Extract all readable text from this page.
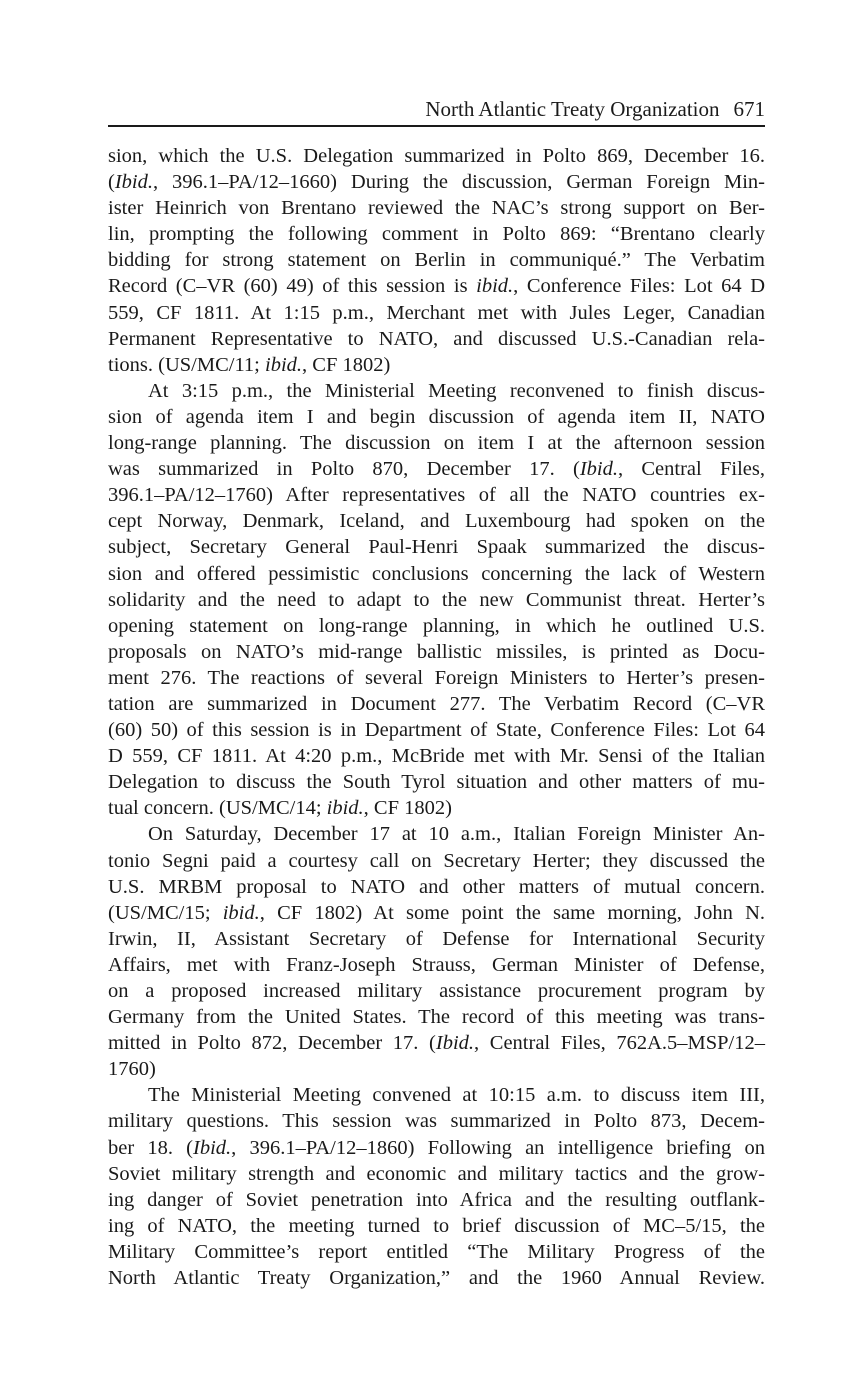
North Atlantic Treaty Organization 671

sion, which the U.S. Delegation summarized in Polto 869, December 16.
(Ibid., 396.1–PA/12–1660) During the discussion, German Foreign Min-
ister Heinrich von Brentano reviewed the NAC’s strong support on Ber-
lin, prompting the following comment in Polto 869: “Brentano clearly
bidding for strong statement on Berlin in communiqué.” The Verbatim
Record (C–VR (60) 49) of this session is ibid., Conference Files: Lot 64 D
559, CF 1811. At 1:15 p.m., Merchant met with Jules Leger, Canadian
Permanent Representative to NATO, and discussed U.S.-Canadian rela-
tions. (US/MC/11; ibid., CF 1802)

At 3:15 p.m., the Ministerial Meeting reconvened to finish discus-
sion of agenda item I and begin discussion of agenda item II, NATO
long-range planning. The discussion on item I at the afternoon session
was summarized in Polto 870, December 17. (Ibid., Central Files,
396.1–PA/12–1760) After representatives of all the NATO countries ex-
cept Norway, Denmark, Iceland, and Luxembourg had spoken on the
subject, Secretary General Paul-Henri Spaak summarized the discus-
sion and offered pessimistic conclusions concerning the lack of Western
solidarity and the need to adapt to the new Communist threat. Herter’s
opening statement on long-range planning, in which he outlined U.S.
proposals on NATO’s mid-range ballistic missiles, is printed as Docu-
ment 276. The reactions of several Foreign Ministers to Herter’s presen-
tation are summarized in Document 277. The Verbatim Record (C–VR
(60) 50) of this session is in Department of State, Conference Files: Lot 64
D 559, CF 1811. At 4:20 p.m., McBride met with Mr. Sensi of the Italian
Delegation to discuss the South Tyrol situation and other matters of mu-
tual concern. (US/MC/14; ibid., CF 1802)

On Saturday, December 17 at 10 a.m., Italian Foreign Minister An-
tonio Segni paid a courtesy call on Secretary Herter; they discussed the
U.S. MRBM proposal to NATO and other matters of mutual concern.
(US/MC/15; ibid., CF 1802) At some point the same morning, John N.
Irwin, II, Assistant Secretary of Defense for International Security
Affairs, met with Franz-Joseph Strauss, German Minister of Defense,
on a proposed increased military assistance procurement program by
Germany from the United States. The record of this meeting was trans-
mitted in Polto 872, December 17. (Ibid., Central Files, 762A.5–MSP/12–
1760)

The Ministerial Meeting convened at 10:15 a.m. to discuss item III,
military questions. This session was summarized in Polto 873, Decem-
ber 18. (Ibid., 396.1–PA/12–1860) Following an intelligence briefing on
Soviet military strength and economic and military tactics and the grow-
ing danger of Soviet penetration into Africa and the resulting outflank-
ing of NATO, the meeting turned to brief discussion of MC–5/15, the
Military Committee’s report entitled “The Military Progress of the
North Atlantic Treaty Organization,” and the 1960 Annual Review.
